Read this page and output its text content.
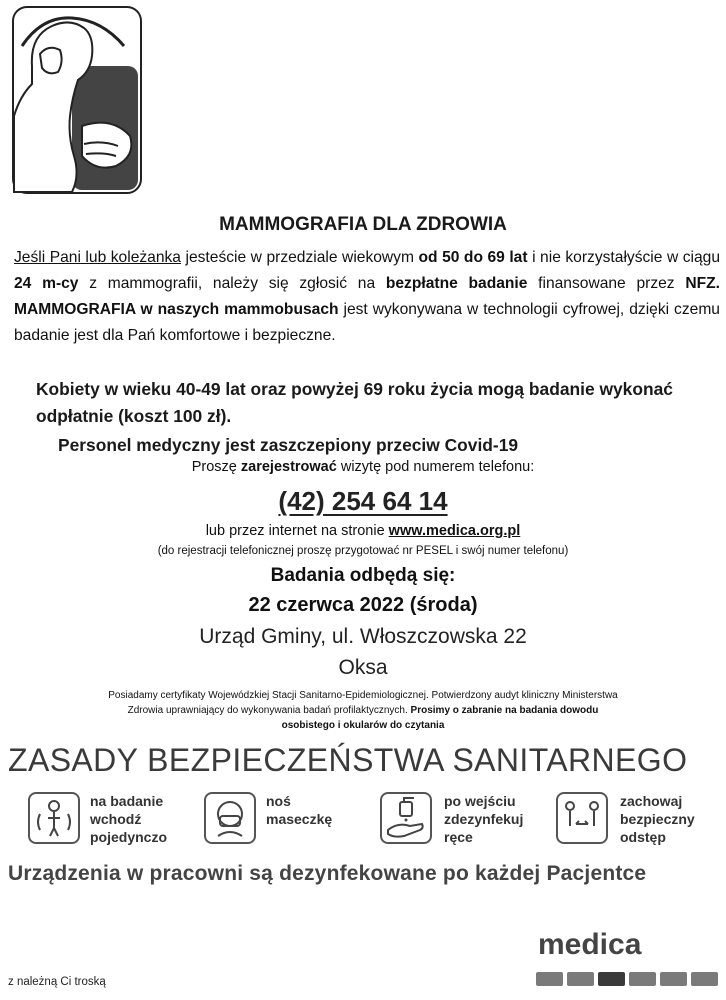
MAMMOGRAFIA DLA ZDROWIA
Jeśli Pani lub koleżanka jesteście w przedziale wiekowym od 50 do 69 lat i nie korzystałyście w ciągu 24 m-cy z mammografii, należy się zgłosić na bezpłatne badanie finansowane przez NFZ. MAMMOGRAFIA w naszych mammobusach jest wykonywana w technologii cyfrowej, dzięki czemu badanie jest dla Pań komfortowe i bezpieczne.
Kobiety w wieku 40-49 lat oraz powyżej 69 roku życia mogą badanie wykonać odpłatnie (koszt 100 zł).
Personel medyczny jest zaszczepiony przeciw Covid-19
Proszę zarejestrować wizytę pod numerem telefonu:
(42) 254 64 14
lub przez internet na stronie www.medica.org.pl
(do rejestracji telefonicznej proszę przygotować nr PESEL i swój numer telefonu)
Badania odbędą się:
22 czerwca 2022 (środa)
Urząd Gminy, ul. Włoszczowska 22
Oksa
Posiadamy certyfikaty Wojewódzkiej Stacji Sanitarno-Epidemiologicznej. Potwierdzony audyt kliniczny Ministerstwa
Zdrowia uprawniający do wykonywania badań profilaktycznych. Prosimy o zabranie na badania dowodu
osobistego i okularów do czytania
ZASADY BEZPIECZEŃSTWA SANITARNEGO
na badanie
wchodź
pojedynczo
noś
maseczkę
po wejściu
zdezynfekuj
ręce
zachowaj
bezpieczny
odstęp
Urządzenia w pracowni są dezynfekowane po każdej Pacjentce
medica
z należną Ci troską
